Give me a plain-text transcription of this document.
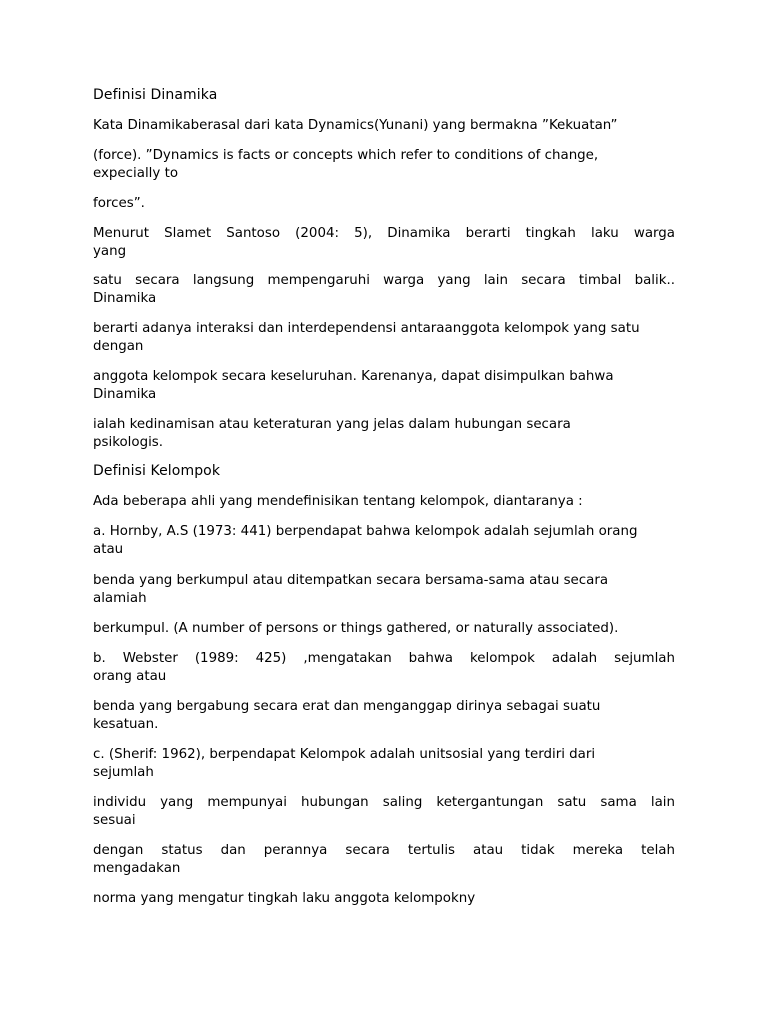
Definisi Dinamika
Kata Dinamikaberasal dari kata Dynamics(Yunani) yang bermakna ”Kekuatan”
(force). ”Dynamics is facts or concepts which refer to conditions of change,
expecially to
forces”.
Menurut Slamet Santoso (2004: 5), Dinamika berarti tingkah laku warga
yang
satu secara langsung mempengaruhi warga yang lain secara timbal balik..
Dinamika
berarti adanya interaksi dan interdependensi antaraanggota kelompok yang satu
dengan
anggota kelompok secara keseluruhan. Karenanya, dapat disimpulkan bahwa
Dinamika
ialah kedinamisan atau keteraturan yang jelas dalam hubungan secara
psikologis.
Definisi Kelompok
Ada beberapa ahli yang mendefinisikan tentang kelompok, diantaranya :
a. Hornby, A.S (1973: 441) berpendapat bahwa kelompok adalah sejumlah orang
atau
benda yang berkumpul atau ditempatkan secara bersama-sama atau secara
alamiah
berkumpul. (A number of persons or things gathered, or naturally associated).
b. Webster (1989: 425) ,mengatakan bahwa kelompok adalah sejumlah
orang atau
benda yang bergabung secara erat dan menganggap dirinya sebagai suatu
kesatuan.
c. (Sherif: 1962), berpendapat Kelompok adalah unitsosial yang terdiri dari
sejumlah
individu yang mempunyai hubungan saling ketergantungan satu sama lain
sesuai
dengan status dan perannya secara tertulis atau tidak mereka telah
mengadakan
norma yang mengatur tingkah laku anggota kelompokny
